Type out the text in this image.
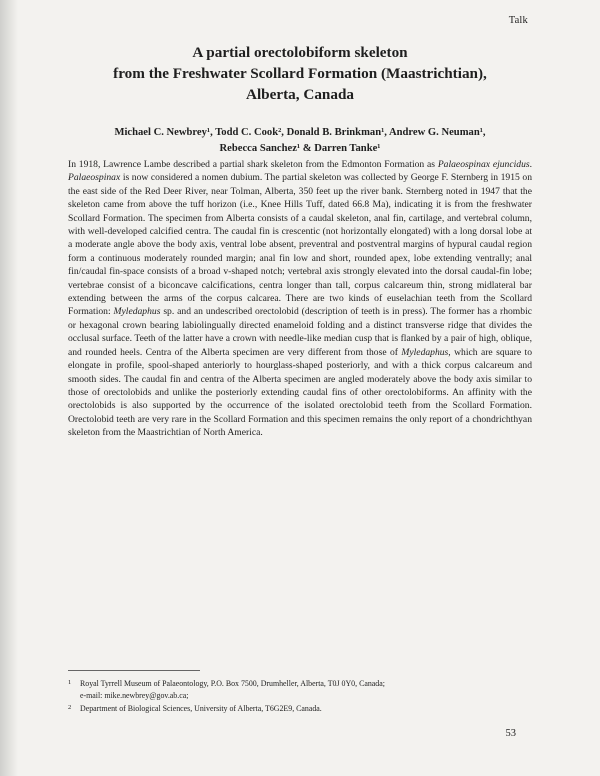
Talk
A partial orectolobiform skeleton
from the Freshwater Scollard Formation (Maastrichtian),
Alberta, Canada
Michael C. Newbrey¹, Todd C. Cook², Donald B. Brinkman¹, Andrew G. Neuman¹,
Rebecca Sanchez¹ & Darren Tanke¹

In 1918, Lawrence Lambe described a partial shark skeleton from the Edmonton Formation as Palaeospinax ejuncidus. Palaeospinax is now considered a nomen dubium. The partial skeleton was collected by George F. Sternberg in 1915 on the east side of the Red Deer River, near Tolman, Alberta, 350 feet up the river bank. Sternberg noted in 1947 that the skeleton came from above the tuff horizon (i.e., Knee Hills Tuff, dated 66.8 Ma), indicating it is from the freshwater Scollard Formation. The specimen from Alberta consists of a caudal skeleton, anal fin, cartilage, and vertebral column, with well-developed calcified centra. The caudal fin is crescentic (not horizontally elongated) with a long dorsal lobe at a moderate angle above the body axis, ventral lobe absent, preventral and postventral margins of hypural caudal region form a continuous moderately rounded margin; anal fin low and short, rounded apex, lobe extending ventrally; anal fin/caudal fin-space consists of a broad v-shaped notch; vertebral axis strongly elevated into the dorsal caudal-fin lobe; vertebrae consist of a biconcave calcifications, centra longer than tall, corpus calcareum thin, strong midlateral bar extending between the arms of the corpus calcarea. There are two kinds of euselachian teeth from the Scollard Formation: Myledaphus sp. and an undescribed orectolobid (description of teeth is in press). The former has a rhombic or hexagonal crown bearing labiolingually directed enameloid folding and a distinct transverse ridge that divides the occlusal surface. Teeth of the latter have a crown with needle-like median cusp that is flanked by a pair of high, oblique, and rounded heels. Centra of the Alberta specimen are very different from those of Myledaphus, which are square to elongate in profile, spool-shaped anteriorly to hourglass-shaped posteriorly, and with a thick corpus calcareum and smooth sides. The caudal fin and centra of the Alberta specimen are angled moderately above the body axis similar to those of orectolobids and unlike the posteriorly extending caudal fins of other orectolobiforms. An affinity with the orectolobids is also supported by the occurrence of the isolated orectolobid teeth from the Scollard Formation. Orectolobid teeth are very rare in the Scollard Formation and this specimen remains the only report of a chondrichthyan skeleton from the Maastrichtian of North America.

1 Royal Tyrrell Museum of Palaeontology, P.O. Box 7500, Drumheller, Alberta, T0J 0Y0, Canada;
e-mail: mike.newbrey@gov.ab.ca;
2 Department of Biological Sciences, University of Alberta, T6G2E9, Canada.
53
